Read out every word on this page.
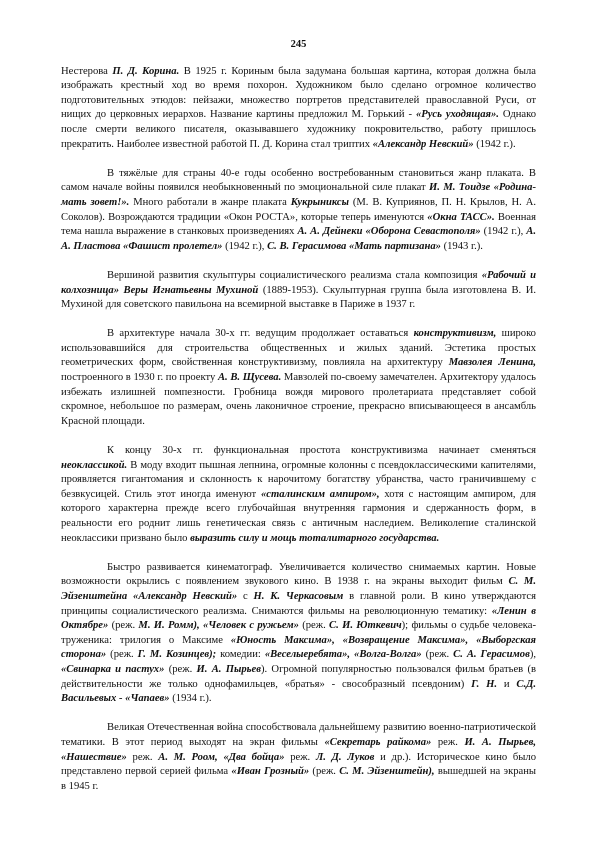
245

Нестерова П. Д. Корина. В 1925 г. Кориным была задумана большая картина, которая должна была изображать крестный ход во время похорон. Художником было сделано огромное количество подготовительных этюдов: пейзажи, множество портретов представителей православной Руси, от нищих до церковных иерархов. Название картины предложил М. Горький - «Русь уходящая». Однако после смерти великого писателя, оказывавшего художнику покровительство, работу пришлось прекратить. Наиболее известной работой П. Д. Корина стал триптих «Александр Невский» (1942 г.).

В тяжёлые для страны 40-е годы особенно востребованным становиться жанр плаката. В самом начале войны появился необыкновенный по эмоциональной силе плакат И. М. Тоидзе «Родина-мать зовет!». Много работали в жанре плаката Кукрыниксы (М. В. Куприянов, П. Н. Крылов, Н. А. Соколов). Возрождаются традиции «Окон РОСТА», которые теперь именуются «Окна ТАСС». Военная тема нашла выражение в станковых произведениях А. А. Дейнеки «Оборона Севастополя» (1942 г.), А. А. Пластова «Фашист пролетел» (1942 г.), С. В. Герасимова «Мать партизана» (1943 г.).

Вершиной развития скульптуры социалистического реализма стала композиция «Рабочий и колхозница» Веры Игнатьевны Мухиной (1889-1953). Скульптурная группа была изготовлена В. И. Мухиной для советского павильона на всемирной выставке в Париже в 1937 г.

В архитектуре начала 30-х гг. ведущим продолжает оставаться конструктивизм, широко использовавшийся для строительства общественных и жилых зданий. Эстетика простых геометрических форм, свойственная конструктивизму, повлияла на архитектуру Мавзолея Ленина, построенного в 1930 г. по проекту А. В. Щусева. Мавзолей по-своему замечателен. Архитектору удалось избежать излишней помпезности. Гробница вождя мирового пролетариата представляет собой скромное, небольшое по размерам, очень лаконичное строение, прекрасно вписывающееся в ансамбль Красной площади.

К концу 30-х гг. функциональная простота конструктивизма начинает сменяться неоклассикой. В моду входит пышная лепнина, огромные колонны с псевдоклассическими капителями, проявляется гигантомания и склонность к нарочитому богатству убранства, часто граничившему с безвкусицей. Стиль этот иногда именуют «сталинским ампиром», хотя с настоящим ампиром, для которого характерна прежде всего глубочайшая внутренняя гармония и сдержанность форм, в реальности его роднит лишь генетическая связь с античным наследием. Великолепие сталинской неоклассики призвано было выразить силу и мощь тоталитарного государства.

Быстро развивается кинематограф. Увеличивается количество снимаемых картин. Новые возможности окрылись с появлением звукового кино. В 1938 г. на экраны выходит фильм С. М. Эйзенштейна «Александр Невский» с Н. К. Черкасовым в главной роли. В кино утверждаются принципы социалистического реализма. Снимаются фильмы на революционную тематику: «Ленин в Октябре» (реж. М. И. Ромм), «Человек с ружьем» (реж. С. И. Юткевич); фильмы о судьбе человека-труженика: трилогия о Максиме «Юность Максима», «Возвращение Максима», «Выборгская сторона» (реж. Г. М. Козинцев); комедии: «Веселыеребята», «Волга-Волга» (реж. С. А. Герасимов), «Свинарка и пастух» (реж. И. А. Пырьев). Огромной популярностью пользовался фильм братьев (в действительности же только однофамильцев, «братья» - свособразный псевдоним) Г. Н. и С.Д. Васильевых - «Чапаев» (1934 г.).

Великая Отечественная война способствовала дальнейшему развитию военно-патриотической тематики. В этот период выходят на экран фильмы «Секретарь райкома» реж. И. А. Пырьев, «Нашествие» реж. А. М. Роом, «Два бойца» реж. Л. Д. Луков и др.). Историческое кино было представлено первой серией фильма «Иван Грозный» (реж. С. М. Эйзенштейн), вышедшей на экраны в 1945 г.
